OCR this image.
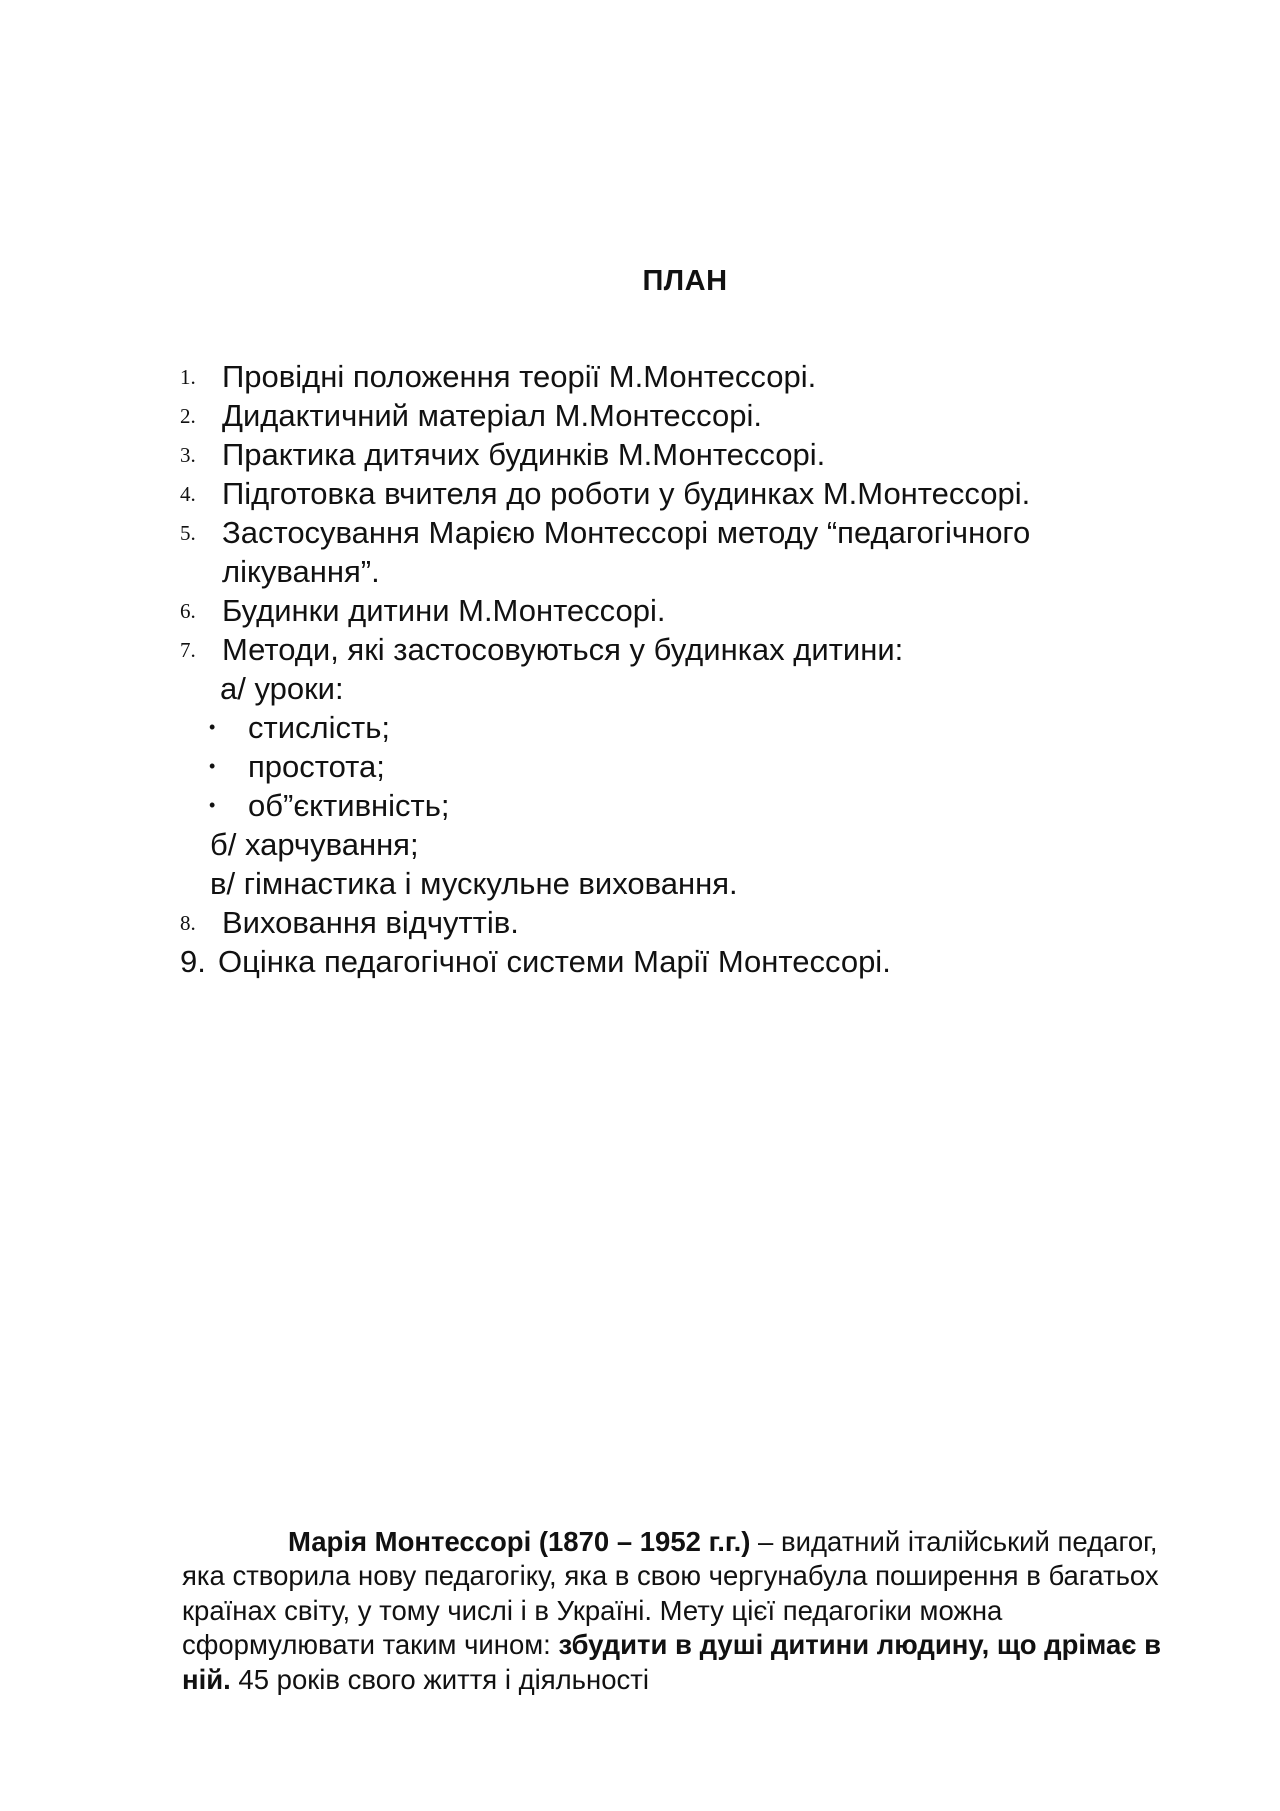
ПЛАН
1. Провідні положення теорії М.Монтессорі.
2. Дидактичний матеріал М.Монтессорі.
3. Практика дитячих будинків М.Монтессорі.
4. Підготовка вчителя до роботи у будинках М.Монтессорі.
5. Застосування Марією Монтессорі методу “педагогічного лікування”.
6. Будинки дитини М.Монтессорі.
7. Методи, які застосовуються у будинках дитини:
а/ уроки:
• стислість;
• простота;
• об”єктивність;
б/ харчування;
в/ гімнастика і мускульне виховання.
8. Виховання відчуттів.
9. Оцінка педагогічної системи Марії Монтессорі.

Марія Монтессорі (1870 – 1952 г.г.) – видатний італійський педагог, яка створила нову педагогіку, яка в свою чергунабула поширення в багатьох країнах світу, у тому числі і в Україні. Мету цієї педагогіки можна сформулювати таким чином: збудити в душі дитини людину, що дрімає в ній. 45 років свого життя і діяльності
